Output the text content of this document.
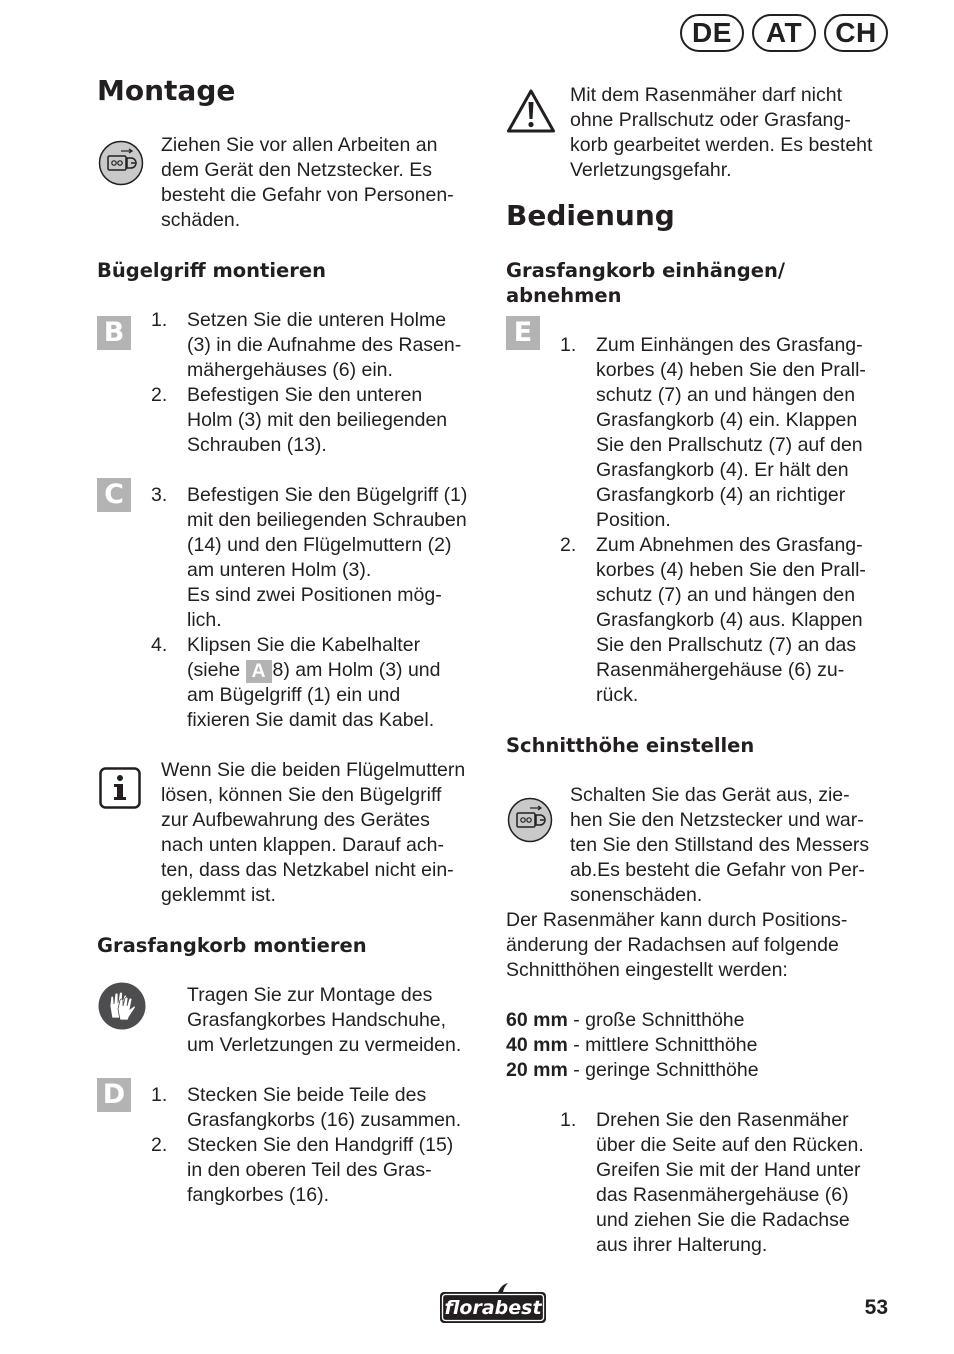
DE	AT	CH
Montage
Ziehen Sie vor allen Arbeiten an
dem Gerät den Netzstecker. Es
besteht die Gefahr von Personen-
schäden.
Bügelgriff montieren
B	1. Setzen Sie die unteren Holme
(3) in die Aufnahme des Rasen-
mähergehäuses (6) ein.
2. Befestigen Sie den unteren
Holm (3) mit den beiliegenden
Schrauben (13).
C	3. Befestigen Sie den Bügelgriff (1)
mit den beiliegenden Schrauben
(14) und den Flügelmuttern (2)
am unteren Holm (3).
Es sind zwei Positionen mög-
lich.
4. Klipsen Sie die Kabelhalter
(siehe A 8) am Holm (3) und
am Bügelgriff (1) ein und
fixieren Sie damit das Kabel.
Wenn Sie die beiden Flügelmuttern
lösen, können Sie den Bügelgriff
zur Aufbewahrung des Gerätes
nach unten klappen. Darauf ach-
ten, dass das Netzkabel nicht ein-
geklemmt ist.
Grasfangkorb montieren
Tragen Sie zur Montage des
Grasfangkorbes Handschuhe,
um Verletzungen zu vermeiden.
D 1. Stecken Sie beide Teile des
Grasfangkorbs (16) zusammen.
2. Stecken Sie den Handgriff (15)
in den oberen Teil des Gras-
fangkorbes (16).
Mit dem Rasenmäher darf nicht
ohne Prallschutz oder Grasfang-
korb gearbeitet werden. Es besteht
Verletzungsgefahr.
Bedienung
Grasfangkorb einhängen/
abnehmen
E	1. Zum Einhängen des Grasfang-
korbes (4) heben Sie den Prall-
schutz (7) an und hängen den
Grasfangkorb (4) ein. Klappen
Sie den Prallschutz (7) auf den
Grasfangkorb (4). Er hält den
Grasfangkorb (4) an richtiger
Position.
2. Zum Abnehmen des Grasfang-
korbes (4) heben Sie den Prall-
schutz (7) an und hängen den
Grasfangkorb (4) aus. Klappen
Sie den Prallschutz (7) an das
Rasenmähergehäuse (6) zu-
rück.
Schnitthöhe einstellen
Schalten Sie das Gerät aus, zie-
hen Sie den Netzstecker und war-
ten Sie den Stillstand des Messers
ab.Es besteht die Gefahr von Per-
sonenschäden.
Der Rasenmäher kann durch Positions-
änderung der Radachsen auf folgende
Schnitthöhen eingestellt werden:
60 mm - große Schnitthöhe
40 mm - mittlere Schnitthöhe
20 mm - geringe Schnitthöhe
1. Drehen Sie den Rasenmäher
über die Seite auf den Rücken.
Greifen Sie mit der Hand unter
das Rasenmähergehäuse (6)
und ziehen Sie die Radachse
aus ihrer Halterung.
florabest	53
